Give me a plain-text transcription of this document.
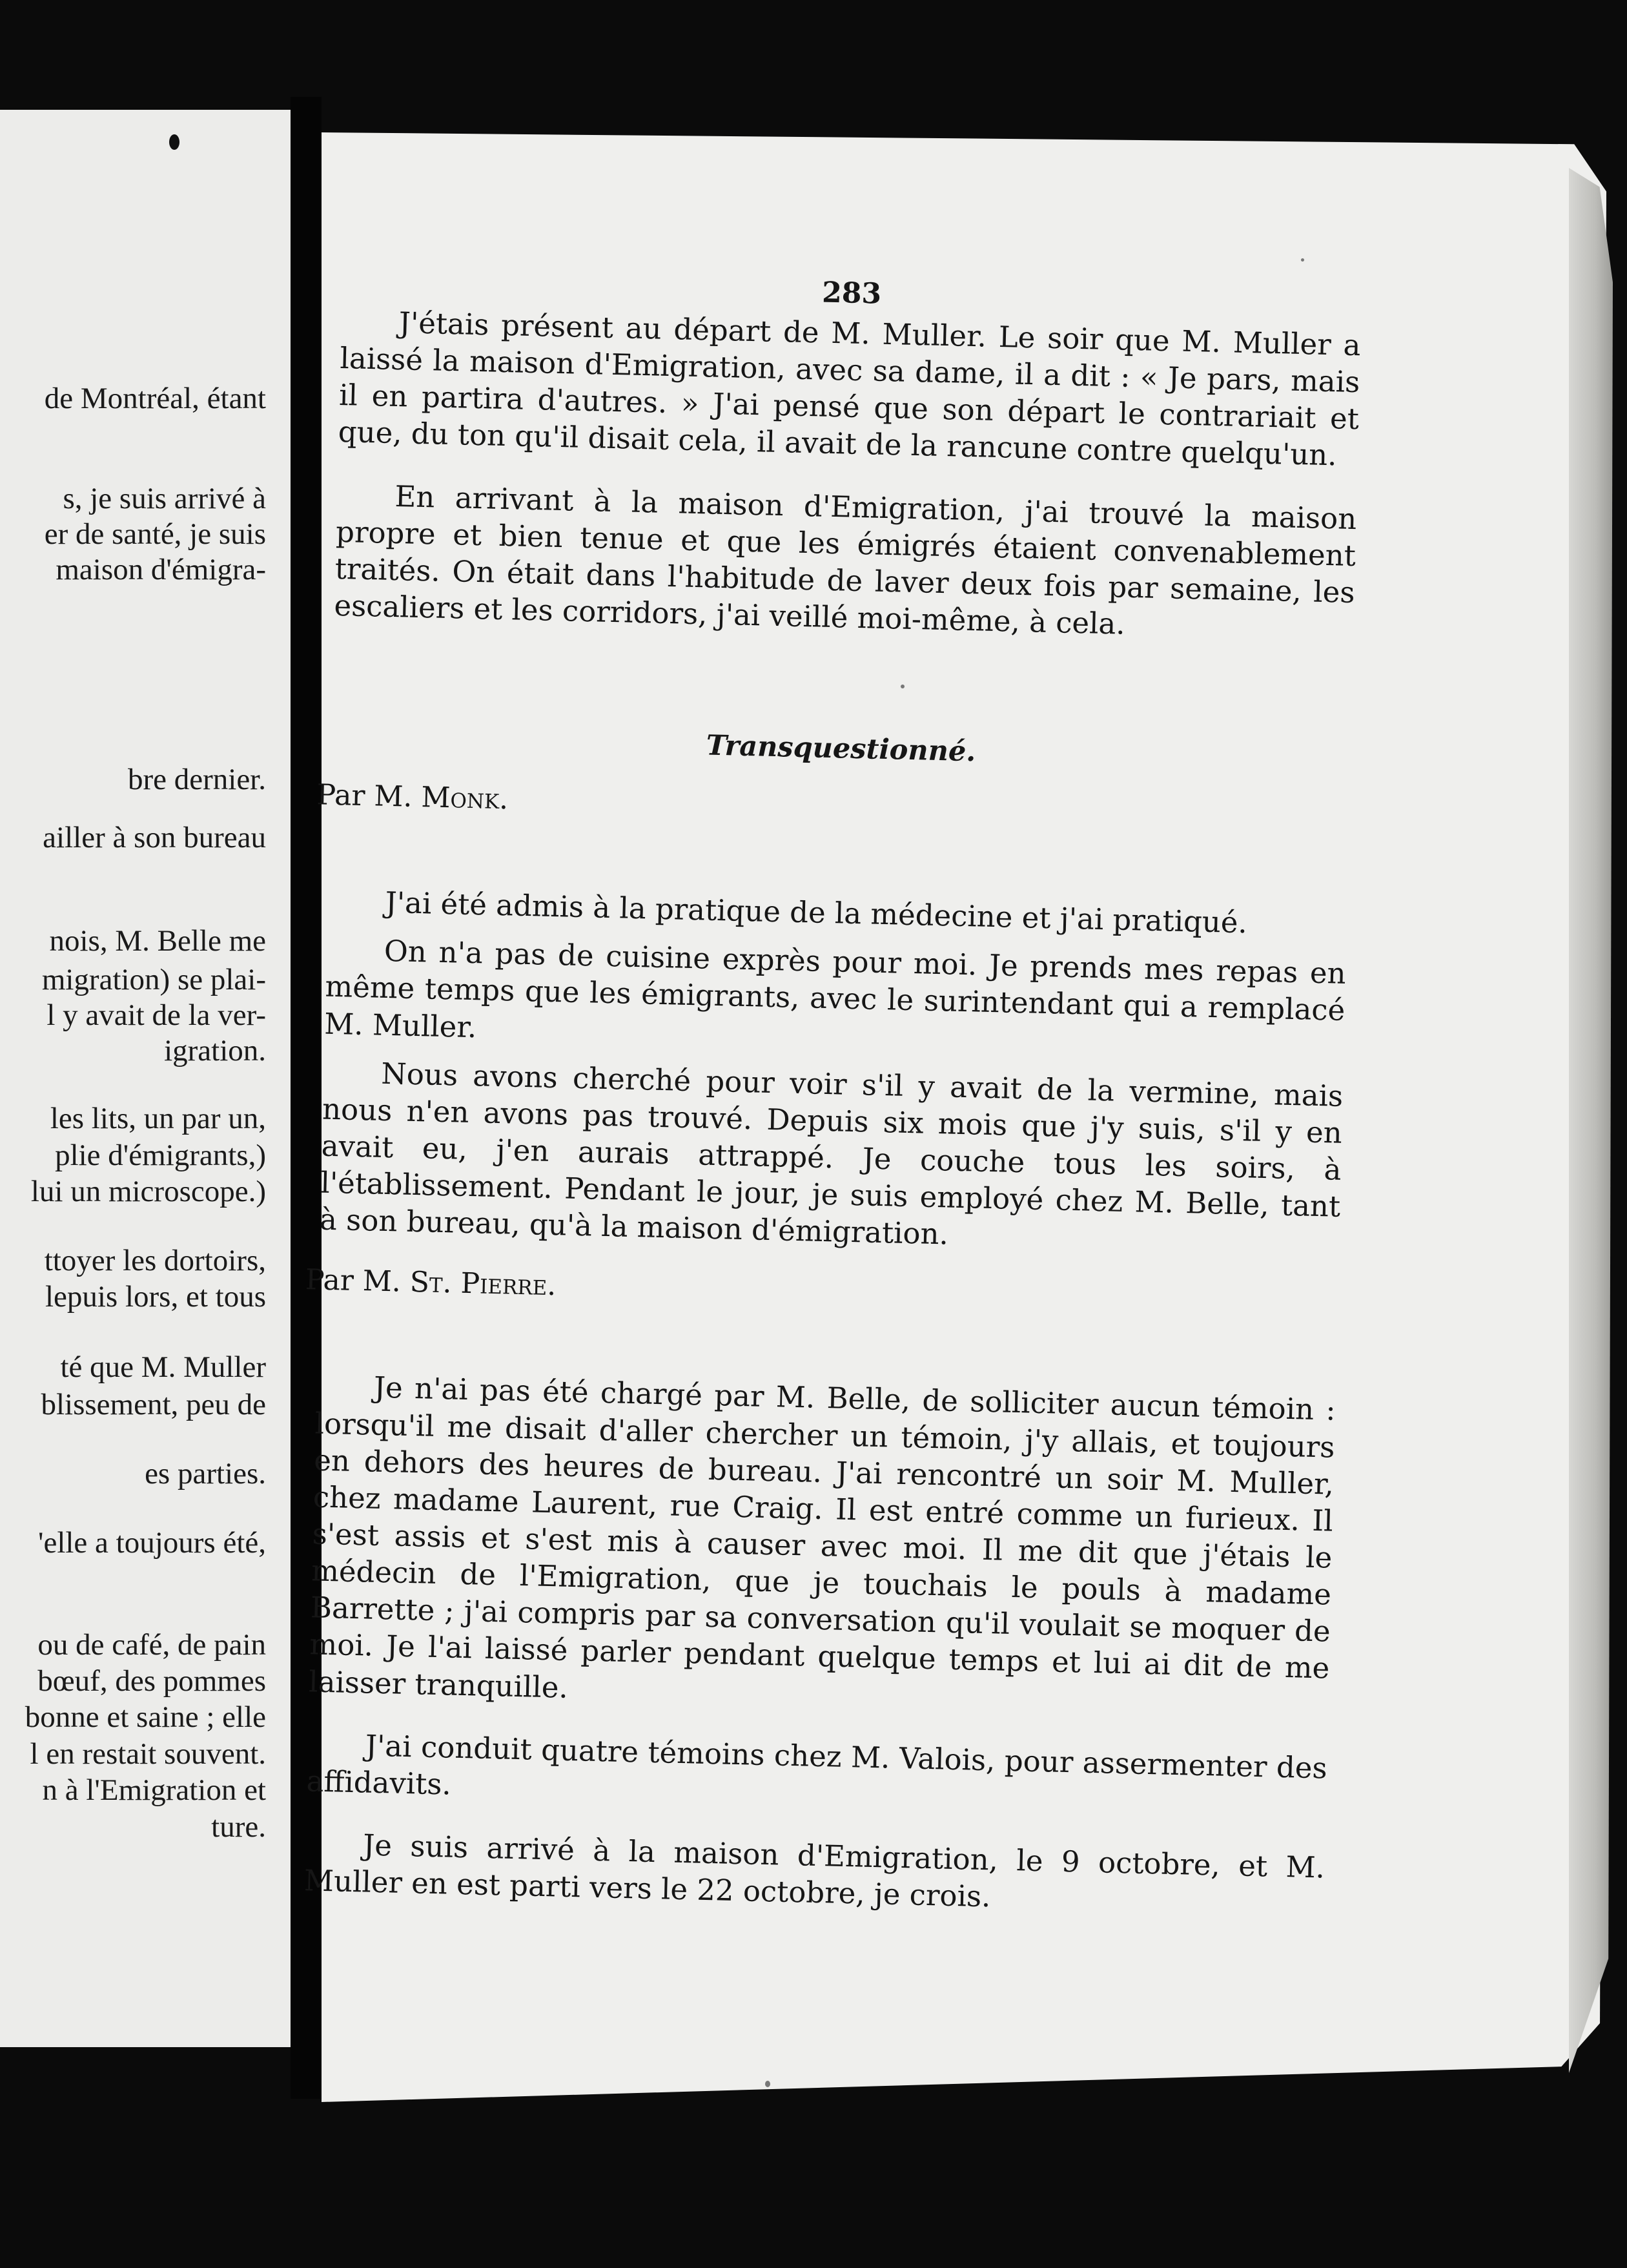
de Montréal, étant
s, je suis arrivé à
er de santé, je suis
maison d'émigra-
bre dernier.
ailler à son bureau
nois, M. Belle me
migration) se plai-
l y avait de la ver-
igration.
les lits, un par un,
plie d'émigrants,)
lui un microscope.)
ttoyer les dortoirs,
lepuis lors, et tous
té que M. Muller
blissement, peu de
es parties.
'elle a toujours été,
ou de café, de pain
bœuf, des pommes
bonne et saine ; elle
l en restait souvent.
n à l'Emigration et
ture.
283

J'étais présent au départ de M. Muller. Le soir que M. Muller a laissé la maison d'Emigration, avec sa dame, il a dit : « Je pars, mais il en partira d'autres. » J'ai pensé que son départ le contrariait et que, du ton qu'il disait cela, il avait de la rancune contre quelqu'un.

En arrivant à la maison d'Emigration, j'ai trouvé la maison propre et bien tenue et que les émigrés étaient convenablement traités. On était dans l'habitude de laver deux fois par semaine, les escaliers et les corridors, j'ai veillé moi-même, à cela.

Transquestionné.
Par M. Monk.

J'ai été admis à la pratique de la médecine et j'ai pratiqué.

On n'a pas de cuisine exprès pour moi. Je prends mes repas en même temps que les émigrants, avec le surintendant qui a remplacé M. Muller.

Nous avons cherché pour voir s'il y avait de la vermine, mais nous n'en avons pas trouvé. Depuis six mois que j'y suis, s'il y en avait eu, j'en aurais attrappé. Je couche tous les soirs, à l'établissement. Pendant le jour, je suis employé chez M. Belle, tant à son bureau, qu'à la maison d'émigration.

Par M. St. Pierre.

Je n'ai pas été chargé par M. Belle, de solliciter aucun témoin : lorsqu'il me disait d'aller chercher un témoin, j'y allais, et toujours en dehors des heures de bureau. J'ai rencontré un soir M. Muller, chez madame Laurent, rue Craig. Il est entré comme un furieux. Il s'est assis et s'est mis à causer avec moi. Il me dit que j'étais le médecin de l'Emigration, que je touchais le pouls à madame Barrette ; j'ai compris par sa conversation qu'il voulait se moquer de moi. Je l'ai laissé parler pendant quelque temps et lui ai dit de me laisser tranquille.

J'ai conduit quatre témoins chez M. Valois, pour assermenter des affidavits.

Je suis arrivé à la maison d'Emigration, le 9 octobre, et M. Muller en est parti vers le 22 octobre, je crois.
